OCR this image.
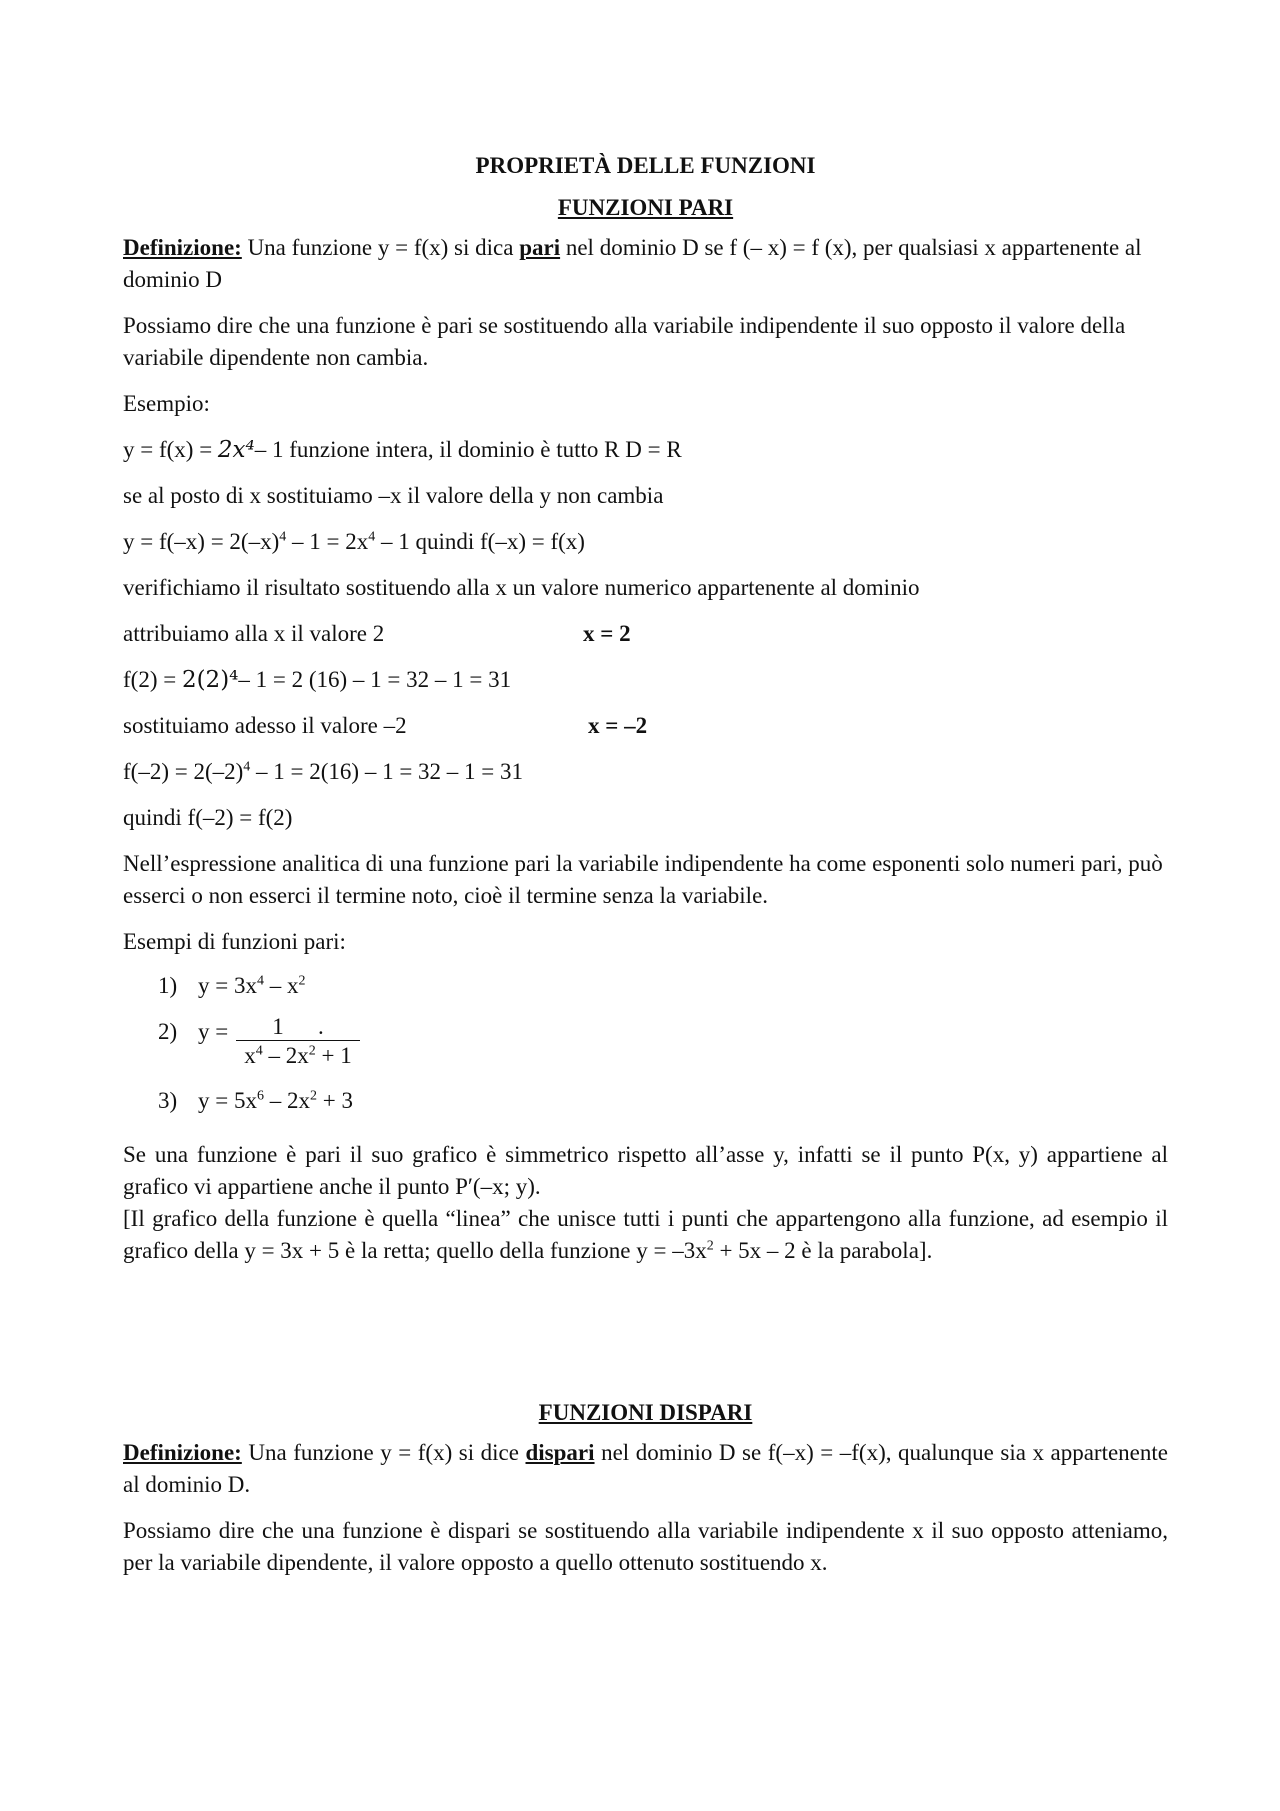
PROPRIETÀ DELLE FUNZIONI

FUNZIONI PARI

Definizione: Una funzione y = f(x) si dica pari nel dominio D se f (– x) = f (x), per qualsiasi x appartenente al dominio D

Possiamo dire che una funzione è pari se sostituendo alla variabile indipendente il suo opposto il valore della variabile dipendente non cambia.

Esempio:

y = f(x) = 2x⁴– 1 funzione intera, il dominio è tutto R D = R

se al posto di x sostituiamo –x il valore della y non cambia

$y = f(-x) = 2(-x)^4 - 1 = 2x^4 - 1$ quindi f(–x) = f(x)

verifichiamo il risultato sostituendo alla x un valore numerico appartenente al dominio

attribuiamo alla x il valore 2	x = 2

f(2) = 2(2)⁴– 1 = 2 (16) – 1 = 32 – 1 = 31

sostituiamo adesso il valore –2	x = –2

$f(-2) = 2(-2)^4 - 1 = 2(16) - 1 = 32 - 1 = 31$

quindi f(–2) = f(2)

Nell’espressione analitica di una funzione pari la variabile indipendente ha come esponenti solo numeri pari, può esserci o non esserci il termine noto, cioè il termine senza la variabile.

Esempi di funzioni pari:

1) $y = 3x^4 - x^2$
2) $y = \frac{1 .}{x^4 - 2x^2 + 1}$
3) $y = 5x^6 - 2x^2 + 3$

Se una funzione è pari il suo grafico è simmetrico rispetto all’asse y, infatti se il punto P(x, y) appartiene al grafico vi appartiene anche il punto P′(–x; y).

[Il grafico della funzione è quella “linea” che unisce tutti i punti che appartengono alla funzione, ad esempio il grafico della y = 3x + 5 è la retta; quello della funzione $y = -3x^2 + 5x - 2$ è la parabola].

FUNZIONI DISPARI

Definizione: Una funzione y = f(x) si dice dispari nel dominio D se f(–x) = –f(x), qualunque sia x appartenente al dominio D.

Possiamo dire che una funzione è dispari se sostituendo alla variabile indipendente x il suo opposto atteniamo, per la variabile dipendente, il valore opposto a quello ottenuto sostituendo x.
